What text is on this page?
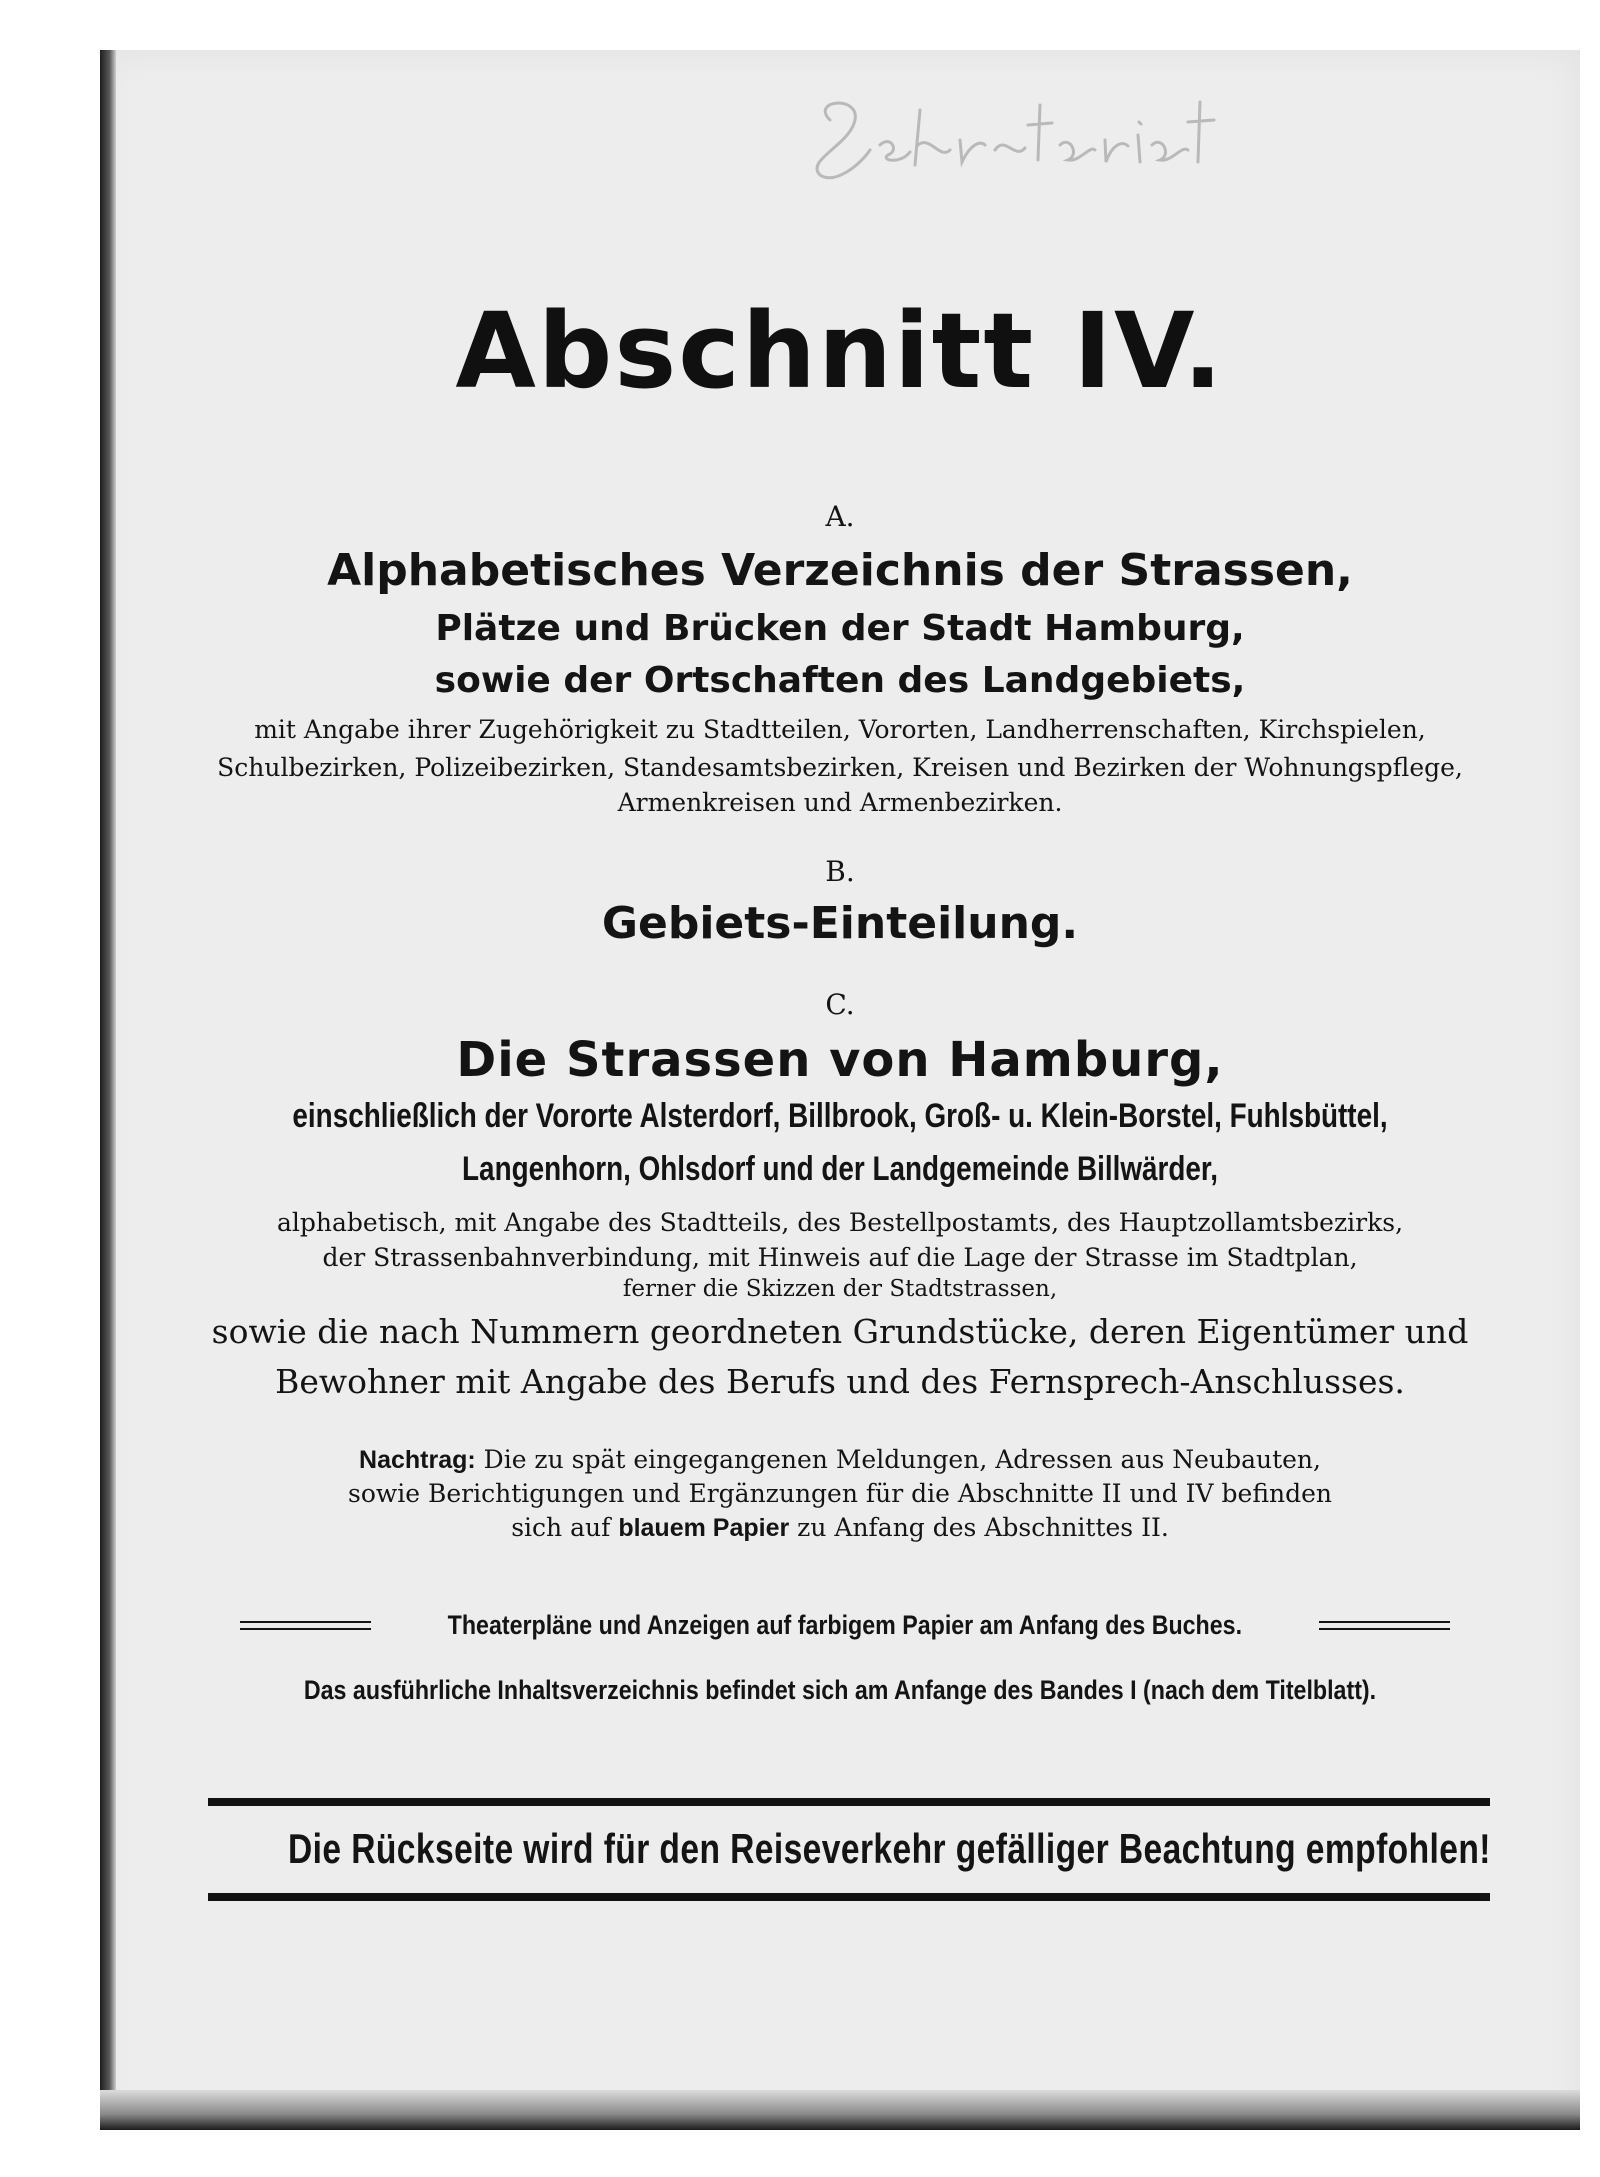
Abschnitt IV.
A.
Alphabetisches Verzeichnis der Strassen,
Plätze und Brücken der Stadt Hamburg,
sowie der Ortschaften des Landgebiets,
mit Angabe ihrer Zugehörigkeit zu Stadtteilen, Vororten, Landherrenschaften, Kirchspielen,
Schulbezirken, Polizeibezirken, Standesamtsbezirken, Kreisen und Bezirken der Wohnungspflege,
Armenkreisen und Armenbezirken.
B.
Gebiets-Einteilung.
C.
Die Strassen von Hamburg,
einschließlich der Vororte Alsterdorf, Billbrook, Groß- u. Klein-Borstel, Fuhlsbüttel,
Langenhorn, Ohlsdorf und der Landgemeinde Billwärder,
alphabetisch, mit Angabe des Stadtteils, des Bestellpostamts, des Hauptzollamtsbezirks,
der Strassenbahnverbindung, mit Hinweis auf die Lage der Strasse im Stadtplan,
ferner die Skizzen der Stadtstrassen,
sowie die nach Nummern geordneten Grundstücke, deren Eigentümer und
Bewohner mit Angabe des Berufs und des Fernsprech-Anschlusses.
Nachtrag: Die zu spät eingegangenen Meldungen, Adressen aus Neubauten,
sowie Berichtigungen und Ergänzungen für die Abschnitte II und IV befinden
sich auf blauem Papier zu Anfang des Abschnittes II.
Theaterpläne und Anzeigen auf farbigem Papier am Anfang des Buches.
Das ausführliche Inhaltsverzeichnis befindet sich am Anfange des Bandes I (nach dem Titelblatt).
Die Rückseite wird für den Reiseverkehr gefälliger Beachtung empfohlen!
